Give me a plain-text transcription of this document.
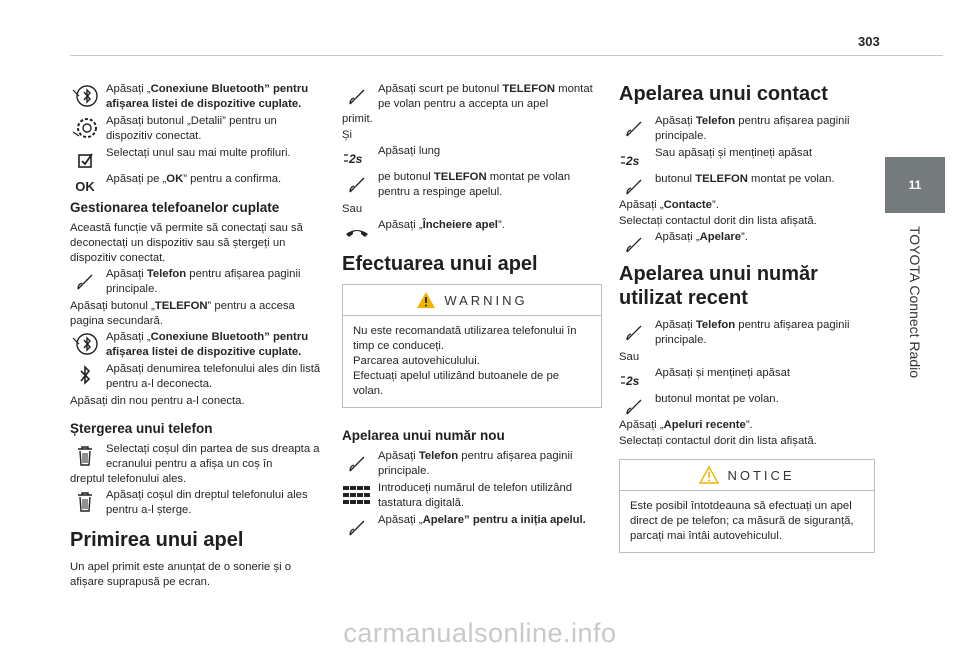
303
11
TOYOTA Connect Radio
Apăsați „Conexiune Bluetooth” pentru afișarea listei de dispozitive cuplate.
Apăsați butonul „Detalii” pentru un dispozitiv conectat.
Selectați unul sau mai multe profiluri.
OK Apăsați pe „OK” pentru a confirma.
Gestionarea telefoanelor cuplate
Această funcție vă permite să conectați sau să deconectați un dispozitiv sau să ștergeți un dispozitiv conectat.
Apăsați Telefon pentru afișarea paginii principale.
Apăsați butonul „TELEFON” pentru a accesa pagina secundară.
Apăsați „Conexiune Bluetooth” pentru afișarea listei de dispozitive cuplate.
Apăsați denumirea telefonului ales din listă pentru a-l deconecta.
Apăsați din nou pentru a-l conecta.
Ștergerea unui telefon
Selectați coșul din partea de sus dreapta a ecranului pentru a afișa un coș în
dreptul telefonului ales.
Apăsați coșul din dreptul telefonului ales pentru a-l șterge.
Primirea unui apel
Un apel primit este anunțat de o sonerie și o afișare suprapusă pe ecran.
Apăsați scurt pe butonul TELEFON montat pe volan pentru a accepta un apel
primit.
Și
2s
Apăsați lung
pe butonul TELEFON montat pe volan pentru a respinge apelul.
Sau
Apăsați „Încheiere apel”.
Efectuarea unui apel
WARNING
Nu este recomandată utilizarea telefonului în timp ce conduceți.
Parcarea autovehiculului.
Efectuați apelul utilizând butoanele de pe volan.
Apelarea unui număr nou
Apăsați Telefon pentru afișarea paginii principale.
Introduceți numărul de telefon utilizând tastatura digitală.
Apăsați „Apelare” pentru a iniția apelul.
Apelarea unui contact
Apăsați Telefon pentru afișarea paginii principale.
2s
Sau apăsați și mențineți apăsat
butonul TELEFON montat pe volan.
Apăsați „Contacte”.
Selectați contactul dorit din lista afișată.
Apăsați „Apelare”.
Apelarea unui număr utilizat recent
Apăsați Telefon pentru afișarea paginii principale.
Sau
2s
Apăsați și mențineți apăsat
butonul montat pe volan.
Apăsați „Apeluri recente”.
Selectați contactul dorit din lista afișată.
NOTICE
Este posibil întotdeauna să efectuați un apel direct de pe telefon; ca măsură de siguranță, parcați mai întâi autovehiculul.
carmanualsonline.info
